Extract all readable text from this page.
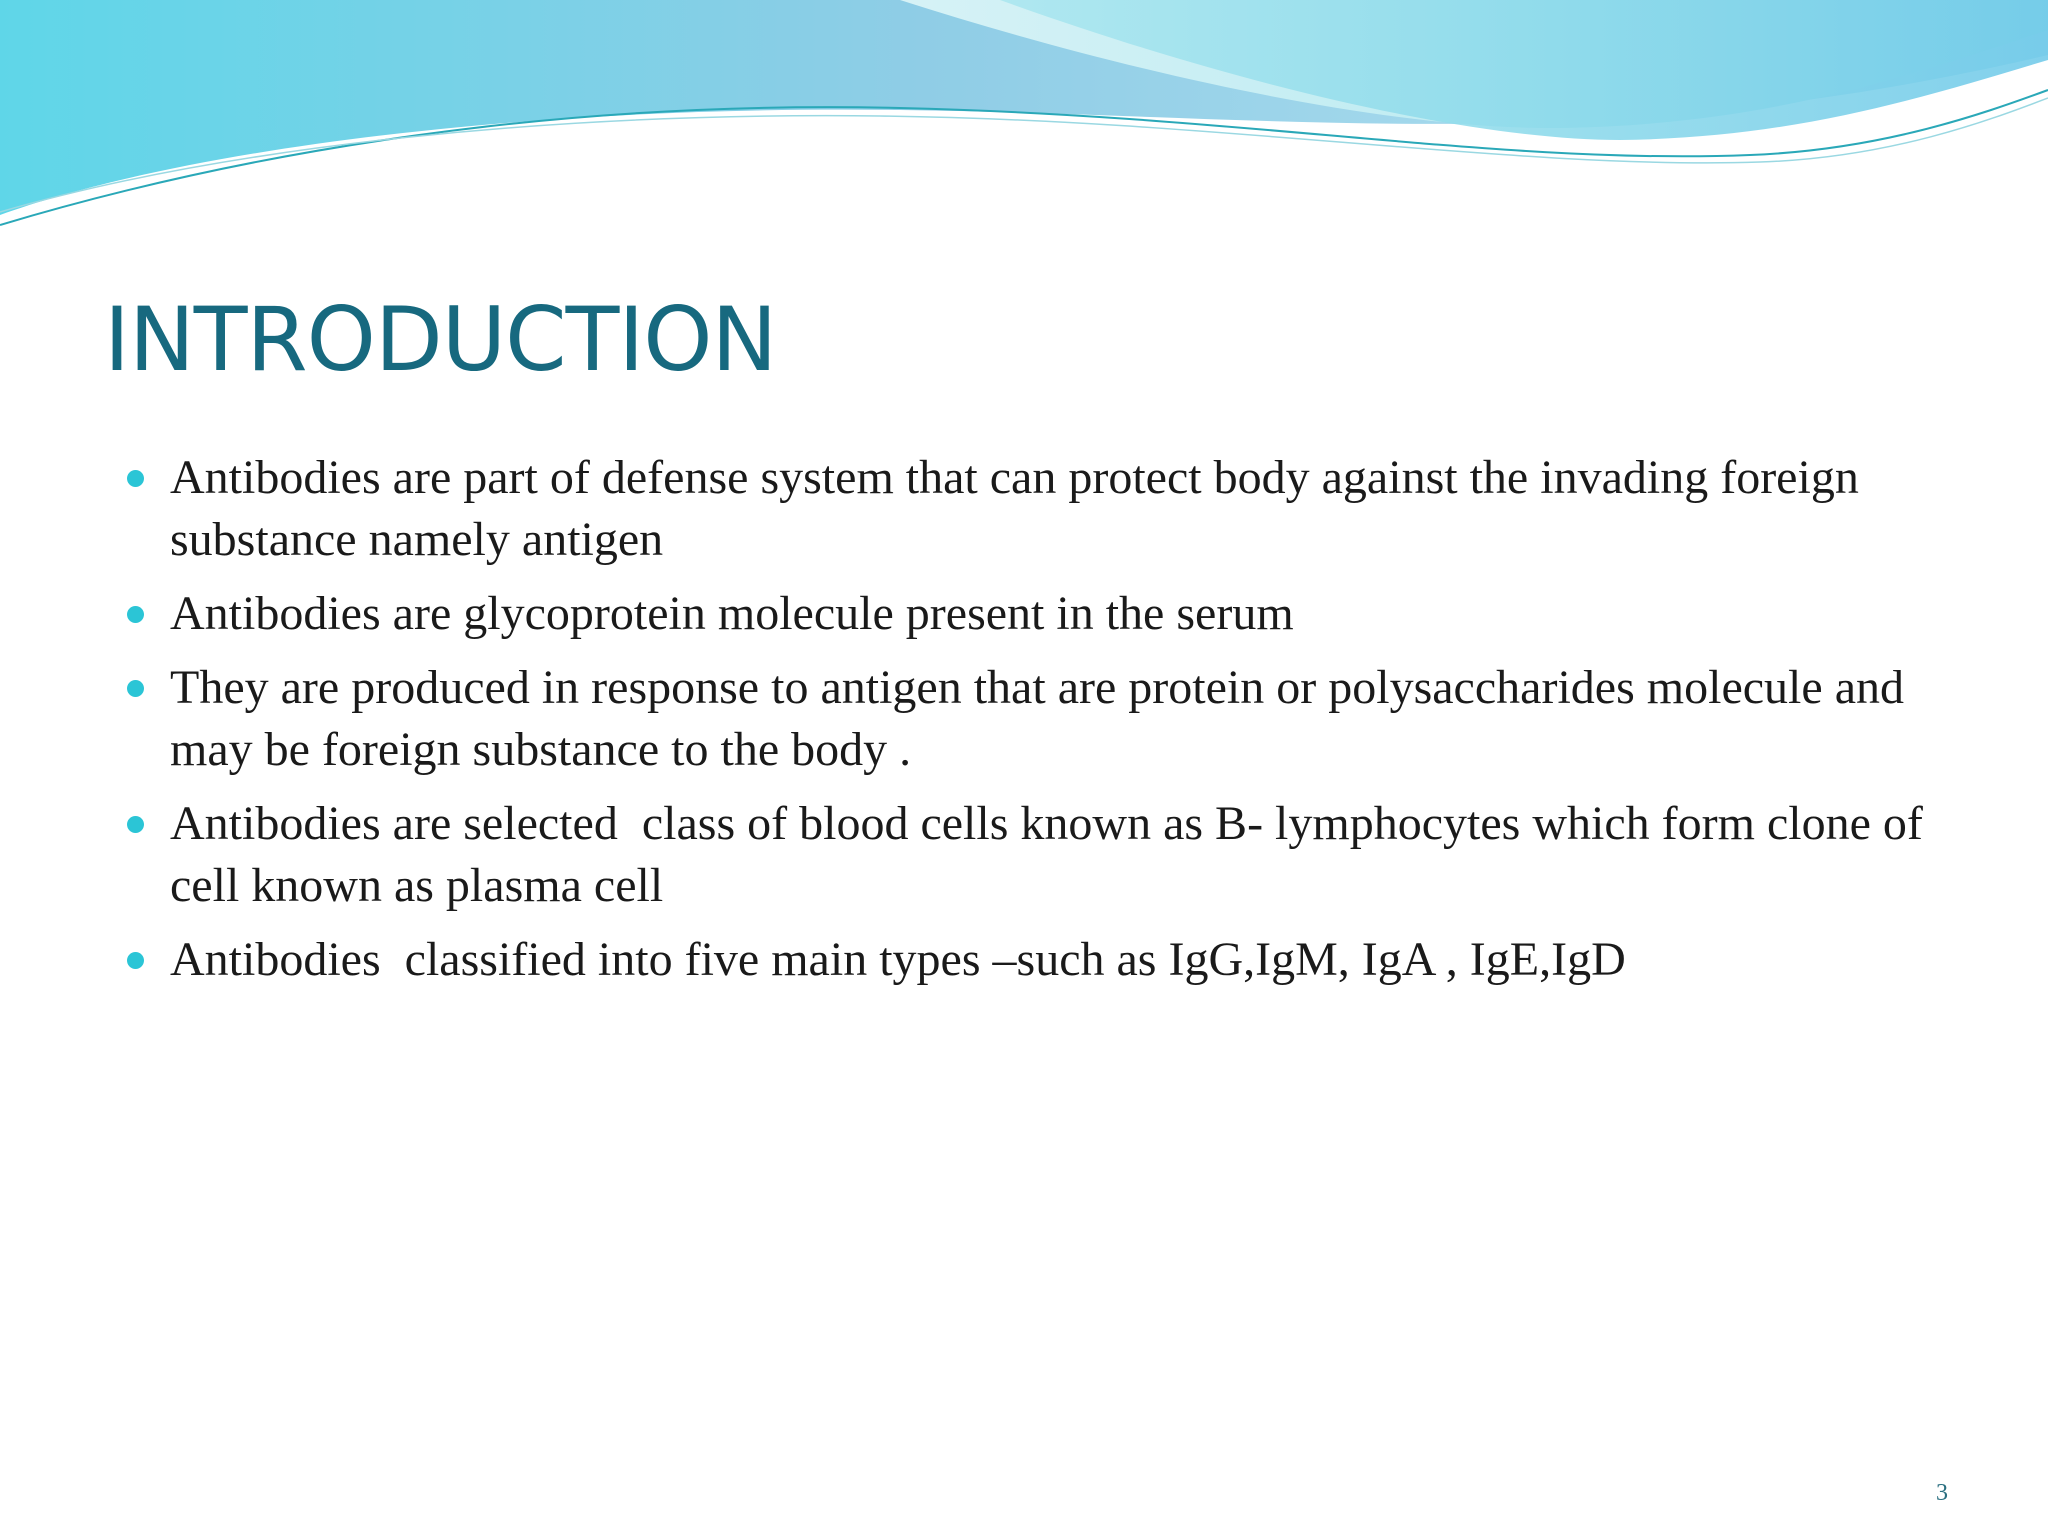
INTRODUCTION
Antibodies are part of defense system that can protect body against the invading foreign substance namely antigen
Antibodies are glycoprotein molecule present in the serum
They are produced in response to antigen that are protein or polysaccharides molecule and may be foreign substance to the body .
Antibodies are selected  class of blood cells known as B- lymphocytes which form clone of cell known as plasma cell
Antibodies  classified into five main types –such as IgG,IgM, IgA , IgE,IgD
3
